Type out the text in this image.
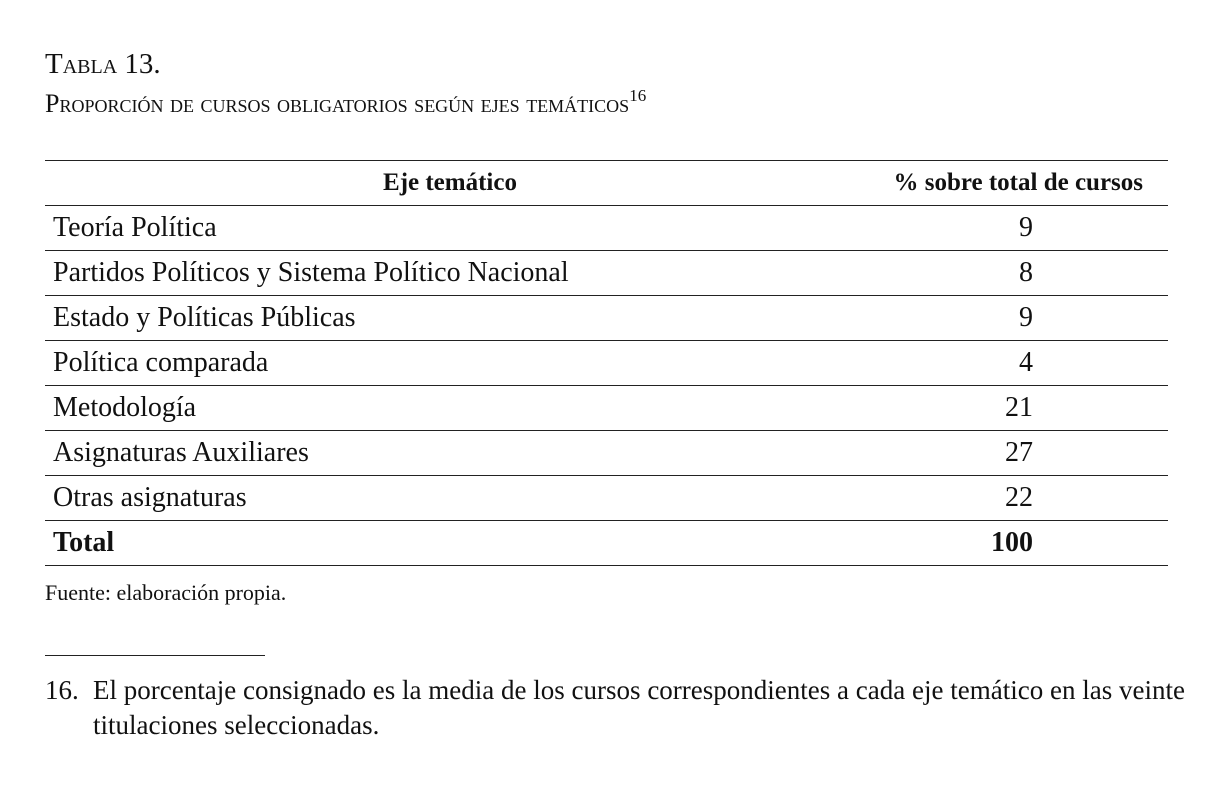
Tabla 13.
Proporción de cursos obligatorios según ejes temáticos$^{16}$
Eje temático	% sobre total de cursos
Teoría Política	9
Partidos Políticos y Sistema Político Nacional	8
Estado y Políticas Públicas	9
Política comparada	4
Metodología	21
Asignaturas Auxiliares	27
Otras asignaturas	22
Total	100
Fuente: elaboración propia.
16. El porcentaje consignado es la media de los cursos correspondientes a cada eje temático en las veinte titulaciones seleccionadas.
